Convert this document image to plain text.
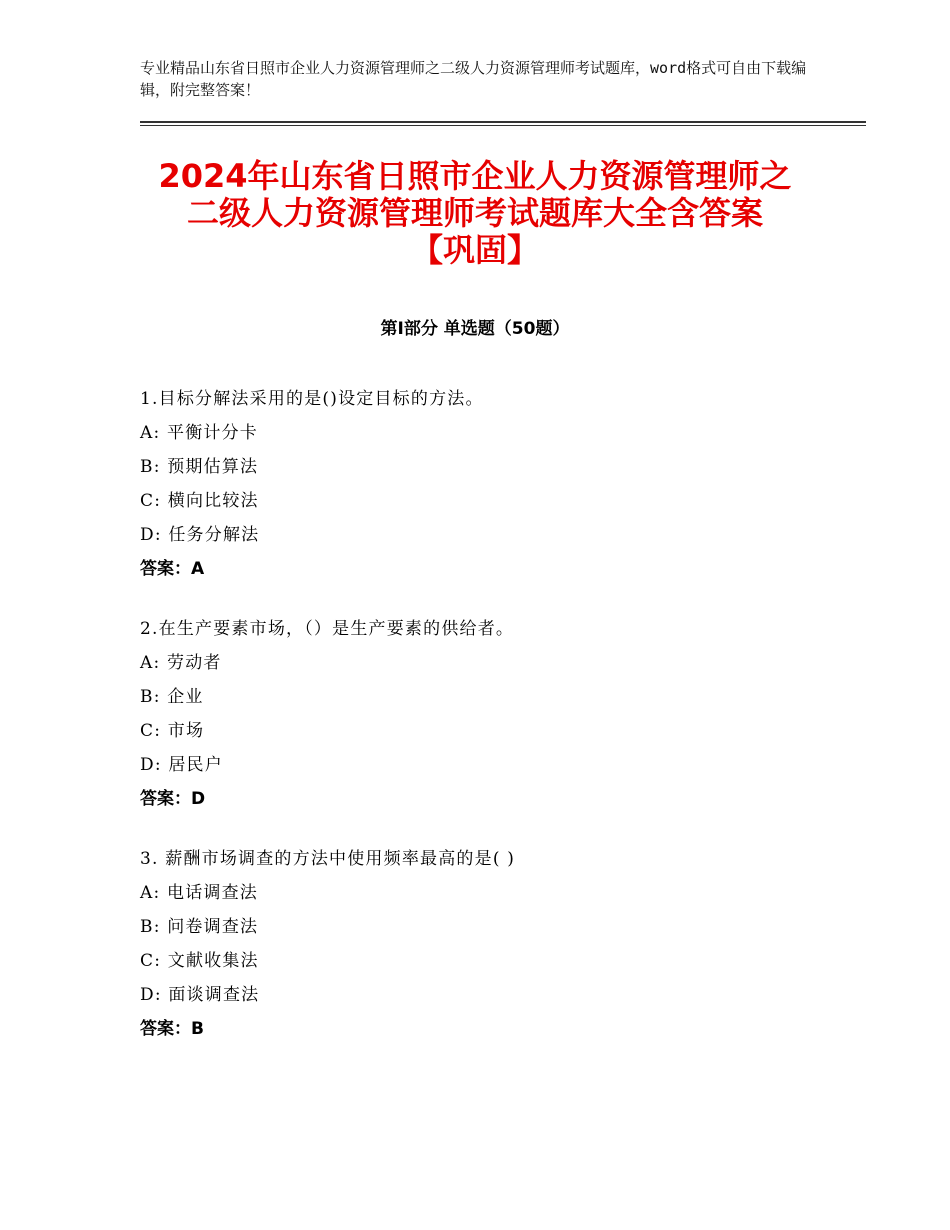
专业精品山东省日照市企业人力资源管理师之二级人力资源管理师考试题库，word格式可自由下载编辑，附完整答案！
2024年山东省日照市企业人力资源管理师之
二级人力资源管理师考试题库大全含答案
【巩固】
第Ⅰ部分 单选题（50题）
1.目标分解法采用的是()设定目标的方法。
A: 平衡计分卡
B: 预期估算法
C: 横向比较法
D: 任务分解法
答案：A
2.在生产要素市场，（）是生产要素的供给者。
A: 劳动者
B: 企业
C: 市场
D: 居民户
答案：D
3. 薪酬市场调查的方法中使用频率最高的是( )
A: 电话调查法
B: 问卷调查法
C: 文献收集法
D: 面谈调查法
答案：B
